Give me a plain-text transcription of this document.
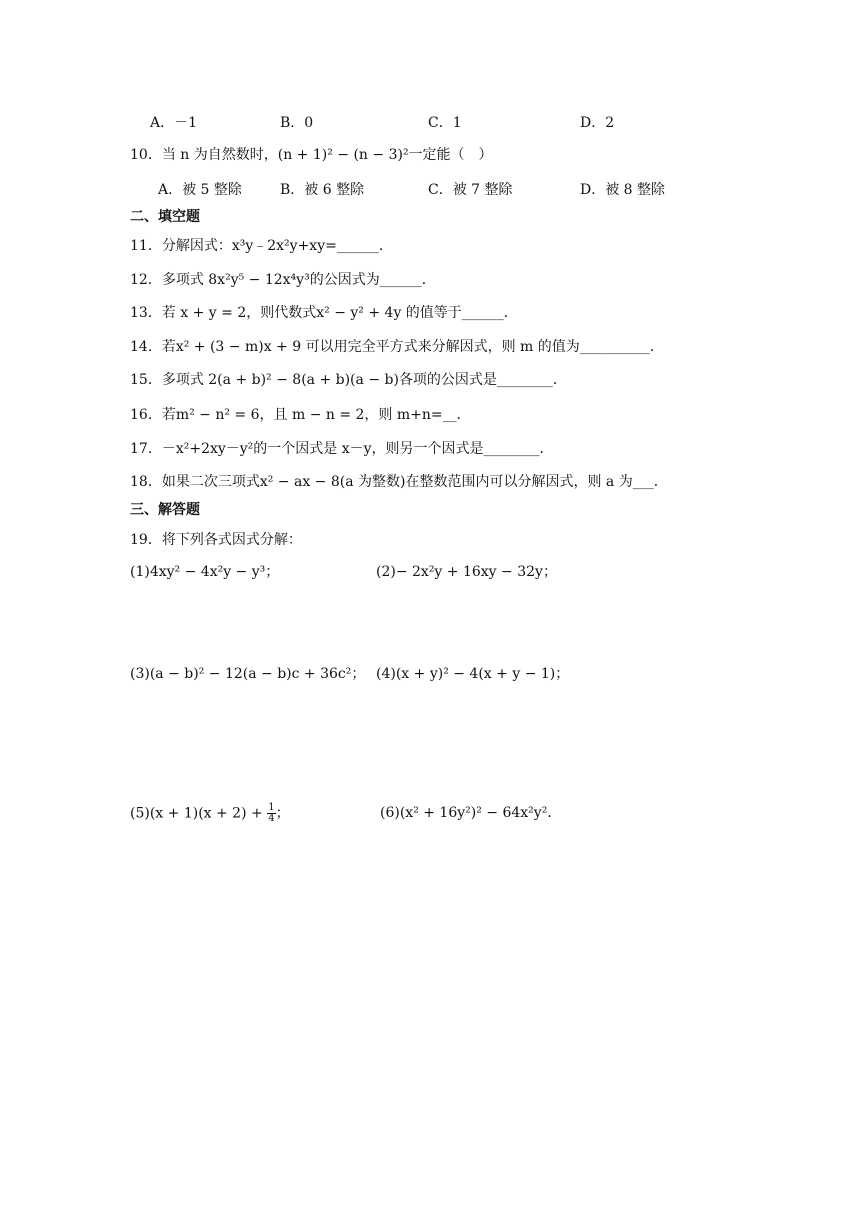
A．－1	B．0	C．1	D．2
10．当 n 为自然数时，(n + 1)² − (n − 3)²一定能（　）
A．被 5 整除	B．被 6 整除	C．被 7 整除	D．被 8 整除
二、填空题
11．分解因式：x³y﹣2x²y+xy=______．
12．多项式 8x²y⁵ − 12x⁴y³的公因式为______．
13．若 x + y = 2，则代数式x² − y² + 4y 的值等于______．
14．若x² + (3 − m)x + 9 可以用完全平方式来分解因式，则 m 的值为__________．
15．多项式 2(a + b)² − 8(a + b)(a − b)各项的公因式是________．
16．若m² − n² = 6，且 m − n = 2，则 m+n=__．
17．－x²+2xy－y²的一个因式是 x－y，则另一个因式是________．
18．如果二次三项式x² − ax − 8(a 为整数)在整数范围内可以分解因式，则 a 为___．
三、解答题
19．将下列各式因式分解：
(1)4xy² − 4x²y − y³；	(2)− 2x²y + 16xy − 32y；
(3)(a − b)² − 12(a − b)c + 36c²； (4)(x + y)² − 4(x + y − 1)；
$(5)(x + 1)(x + 2) + \frac{1}{4}$ ；	(6)(x² + 16y²)² − 64x²y²．
